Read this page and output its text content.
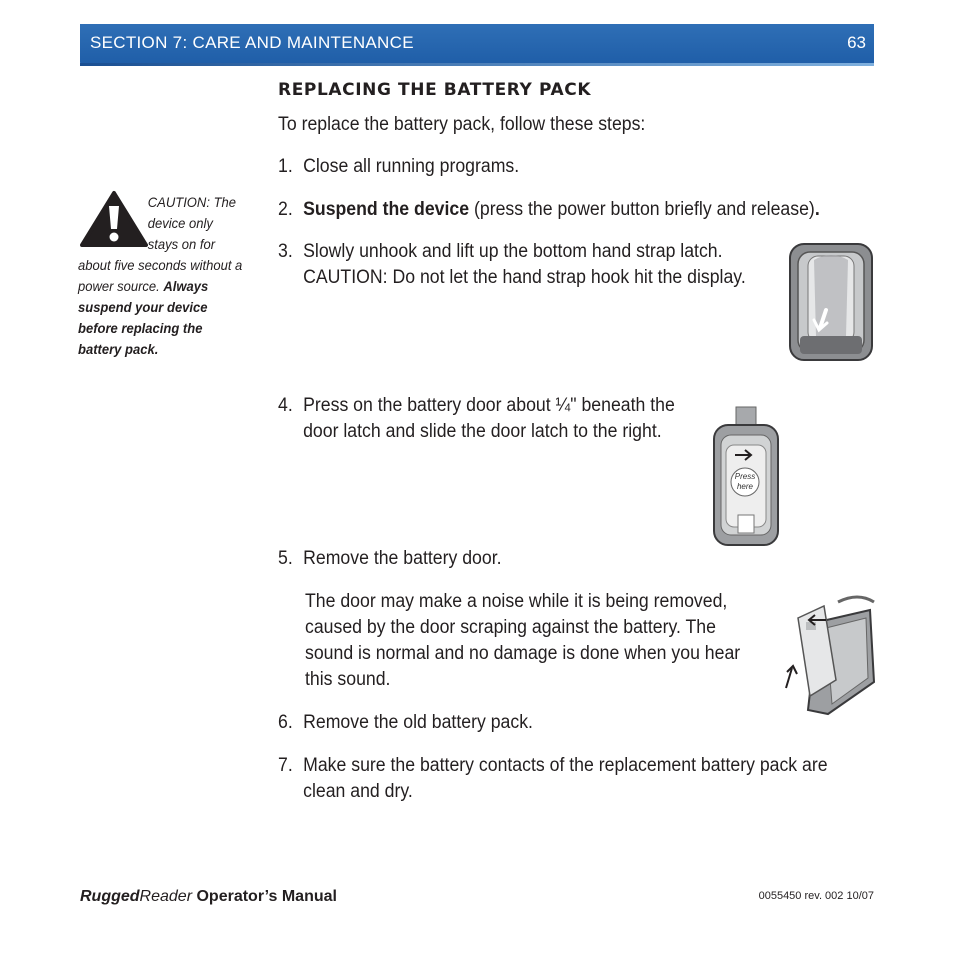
SECTION 7: CARE AND MAINTENANCE	63
REPLACING THE BATTERY PACK
To replace the battery pack, follow these steps:
CAUTION: The
device only
stays on for
about five seconds without a
power source. Always suspend your device before replacing the battery pack.
1. Close all running programs.
2. Suspend the device (press the power button briefly and release).
3. Slowly unhook and lift up the bottom hand strap latch.
CAUTION: Do not let the hand strap hook hit the display.
4. Press on the battery door about ¼" beneath the
door latch and slide the door latch to the right.
5. Remove the battery door.
The door may make a noise while it is being removed,
caused by the door scraping against the battery. The
sound is normal and no damage is done when you hear
this sound.
6. Remove the old battery pack.
7. Make sure the battery contacts of the replacement battery pack are
clean and dry.
Press
here
RuggedReader Operator’s Manual	0055450 rev. 002 10/07
